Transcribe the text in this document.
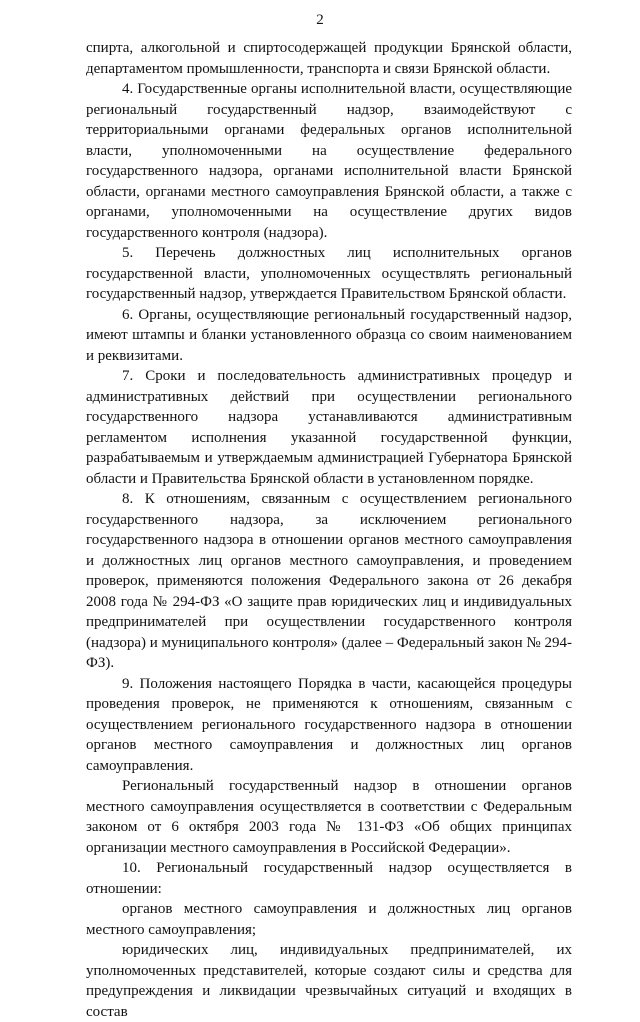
2

спирта, алкогольной и спиртосодержащей продукции Брянской области, департаментом промышленности, транспорта и связи Брянской области.

4. Государственные органы исполнительной власти, осуществляющие региональный государственный надзор, взаимодействуют с территориальными органами федеральных органов исполнительной власти, уполномоченными на осуществление федерального государственного надзора, органами исполнительной власти Брянской области, органами местного самоуправления Брянской области, а также с органами, уполномоченными на осуществление других видов государственного контроля (надзора).

5. Перечень должностных лиц исполнительных органов государственной власти, уполномоченных осуществлять региональный государственный надзор, утверждается Правительством Брянской области.

6. Органы, осуществляющие региональный государственный надзор, имеют штампы и бланки установленного образца со своим наименованием и реквизитами.

7. Сроки и последовательность административных процедур и административных действий при осуществлении регионального государственного надзора устанавливаются административным регламентом исполнения указанной государственной функции, разрабатываемым и утверждаемым администрацией Губернатора Брянской области и Правительства Брянской области в установленном порядке.

8. К отношениям, связанным с осуществлением регионального государственного надзора, за исключением регионального государственного надзора в отношении органов местного самоуправления и должностных лиц органов местного самоуправления, и проведением проверок, применяются положения Федерального закона от 26 декабря 2008 года № 294-ФЗ «О защите прав юридических лиц и индивидуальных предпринимателей при осуществлении государственного контроля (надзора) и муниципального контроля» (далее – Федеральный закон № 294-ФЗ).

9. Положения настоящего Порядка в части, касающейся процедуры проведения проверок, не применяются к отношениям, связанным с осуществлением регионального государственного надзора в отношении органов местного самоуправления и должностных лиц органов самоуправления.

Региональный государственный надзор в отношении органов местного самоуправления осуществляется в соответствии с Федеральным законом от 6 октября 2003 года № 131-ФЗ «Об общих принципах организации местного самоуправления в Российской Федерации».

10. Региональный государственный надзор осуществляется в отношении:

органов местного самоуправления и должностных лиц органов местного самоуправления;

юридических лиц, индивидуальных предпринимателей, их уполномоченных представителей, которые создают силы и средства для предупреждения и ликвидации чрезвычайных ситуаций и входящих в состав
